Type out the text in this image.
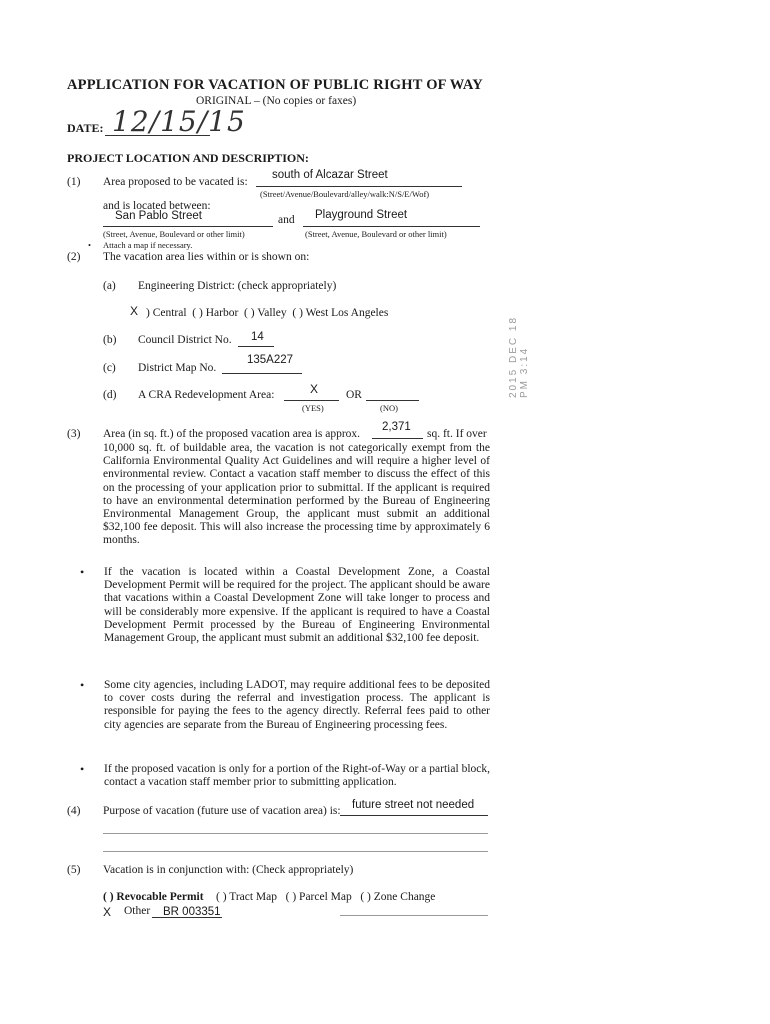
APPLICATION FOR VACATION OF PUBLIC RIGHT OF WAY
ORIGINAL – (No copies or faxes)
DATE: 12/15/15
PROJECT LOCATION AND DESCRIPTION:
(1) Area proposed to be vacated is:
south of Alcazar Street
(Street/Avenue/Boulevard/alley/walk:N/S/E/Wof)
and is located between:
San Pablo Street	and Playground Street
(Street, Avenue, Boulevard or other limit)	(Street, Avenue, Boulevard or other limit)
• Attach a map if necessary.
(2) The vacation area lies within or is shown on:
(a) Engineering District: (check appropriately)
X ) Central  ( ) Harbor  ( ) Valley  ( ) West Los Angeles
(b) Council District No. 14
(c) District Map No.
135A227
(d) A CRA Redevelopment Area:	X OR
(YES)	(NO)
(3) Area (in sq. ft.) of the proposed vacation area is approx.
2,371
sq. ft. If over
10,000 sq. ft. of buildable area, the vacation is not categorically exempt from the California Environmental Quality Act Guidelines and will require a higher level of environmental review. Contact a vacation staff member to discuss the effect of this on the processing of your application prior to submittal. If the applicant is required to have an environmental determination performed by the Bureau of Engineering Environmental Management Group, the applicant must submit an additional $32,100 fee deposit. This will also increase the processing time by approximately 6 months.
• If the vacation is located within a Coastal Development Zone, a Coastal Development Permit will be required for the project. The applicant should be aware that vacations within a Coastal Development Zone will take longer to process and will be considerably more expensive. If the applicant is required to have a Coastal Development Permit processed by the Bureau of Engineering Environmental Management Group, the applicant must submit an additional $32,100 fee deposit.
• Some city agencies, including LADOT, may require additional fees to be deposited to cover costs during the referral and investigation process. The applicant is responsible for paying the fees to the agency directly. Referral fees paid to other city agencies are separate from the Bureau of Engineering processing fees.
• If the proposed vacation is only for a portion of the Right-of-Way or a partial block, contact a vacation staff member prior to submitting application.
(4) Purpose of vacation (future use of vacation area) is: future street not needed
(5) Vacation is in conjunction with: (Check appropriately)
( ) Revocable Permit ( ) Tract Map   ( ) Parcel Map   ( ) Zone Change
X Other BR 003351
2015 DEC 18 PM 3:14
